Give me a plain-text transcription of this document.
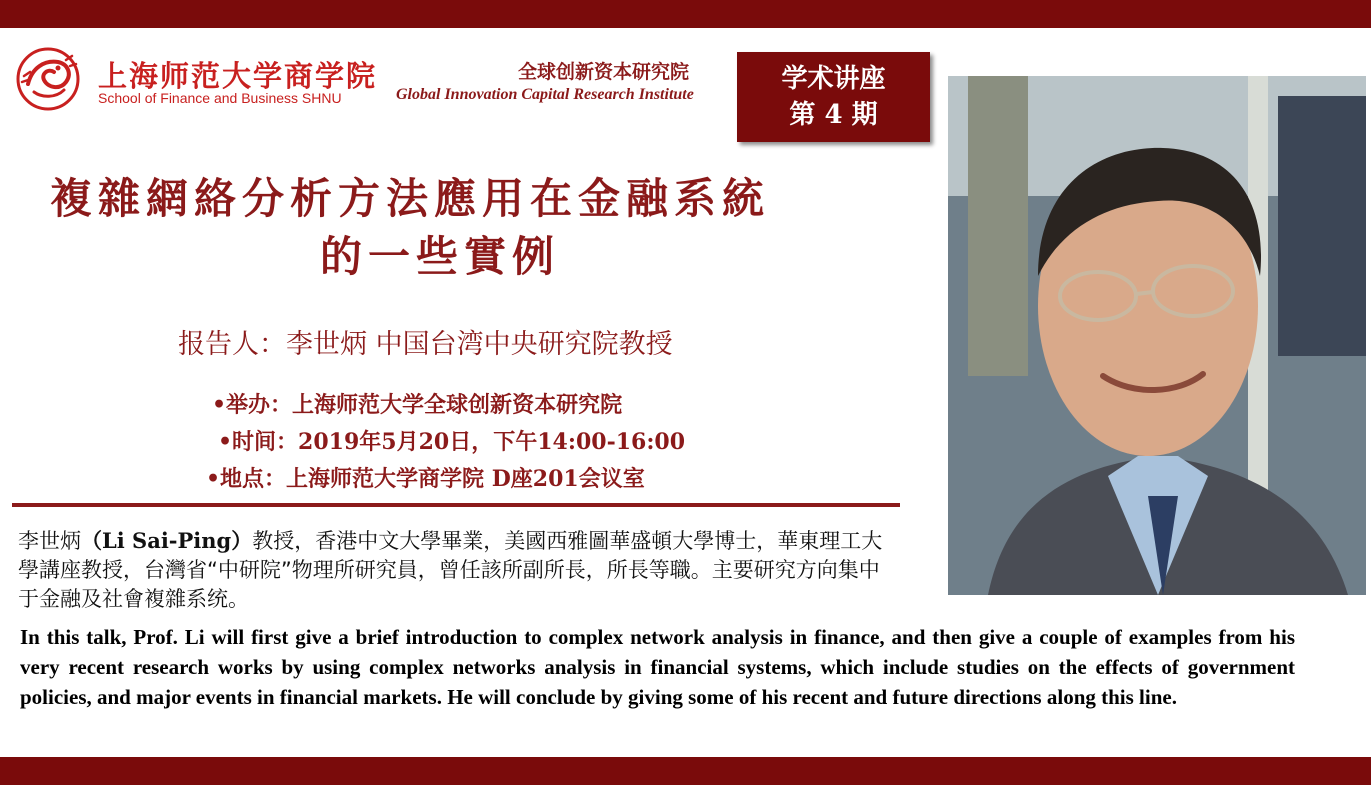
上海师范大学商学院
School of Finance and Business SHNU
全球创新资本研究院
Global Innovation Capital Research Institute
学术讲座
第 4 期
複雜網絡分析方法應用在金融系統
的一些實例
报告人：李世炳 中国台湾中央研究院教授
•举办：上海师范大学全球创新资本研究院
•时间：2019年5月20日，下午14:00-16:00
•地点：上海师范大学商学院 D座201会议室
李世炳（Li Sai-Ping）教授，香港中文大學畢業，美國西雅圖華盛頓大學博士，華東理工大學講座教授，台灣省“中研院”物理所研究員，曾任該所副所長，所長等職。主要研究方向集中于金融及社會複雜系统。
In this talk, Prof. Li will first give a brief introduction to complex network analysis in finance, and then give a couple of examples from his very recent research works by using complex networks analysis in financial systems, which include studies on the effects of government policies, and major events in financial markets. He will conclude by giving some of his recent and future directions along this line.
